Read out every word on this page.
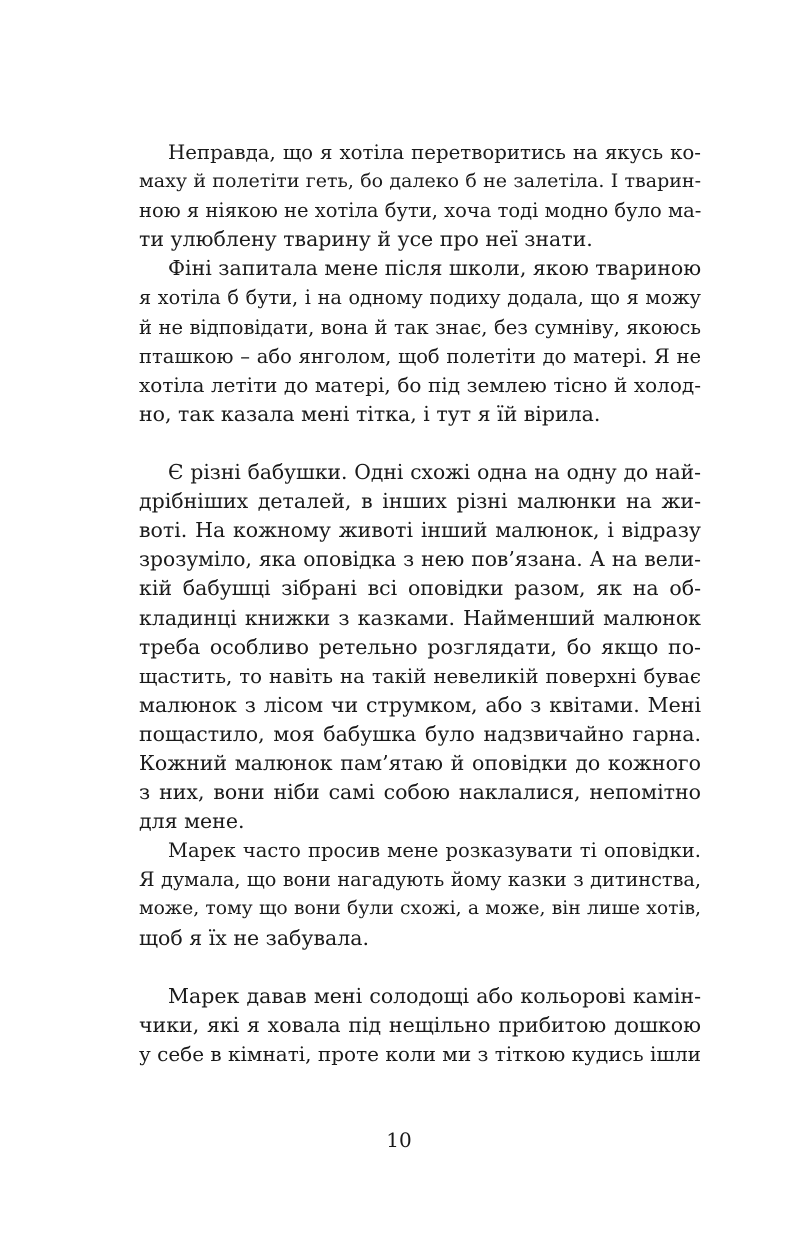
Неправда, що я хотіла перетворитись на якусь ко-
маху й полетіти геть, бо далеко б не залетіла. І тварин-
ною я ніякою не хотіла бути, хоча тоді модно було ма-
ти улюблену тварину й усе про неї знати.
Фіні запитала мене після школи, якою твариною
я хотіла б бути, і на одному подиху додала, що я можу
й не відповідати, вона й так знає, без сумніву, якоюсь
пташкою – або янголом, щоб полетіти до матері. Я не
хотіла летіти до матері, бо під землею тісно й холод-
но, так казала мені тітка, і тут я їй вірила.
Є різні бабушки. Одні схожі одна на одну до най-
дрібніших деталей, в інших різні малюнки на жи-
воті. На кожному животі інший малюнок, і відразу
зрозуміло, яка оповідка з нею пов’язана. А на вели-
кій бабушці зібрані всі оповідки разом, як на об-
кладинці книжки з казками. Найменший малюнок
треба особливо ретельно розглядати, бо якщо по-
щастить, то навіть на такій невеликій поверхні буває
малюнок з лісом чи струмком, або з квітами. Мені
пощастило, моя бабушка було надзвичайно гарна.
Кожний малюнок пам’ятаю й оповідки до кожного
з них, вони ніби самі собою наклалися, непомітно
для мене.
Марек часто просив мене розказувати ті оповідки.
Я думала, що вони нагадують йому казки з дитинства,
може, тому що вони були схожі, а може, він лише хотів,
щоб я їх не забувала.
Марек давав мені солодощі або кольорові камін-
чики, які я ховала під нещільно прибитою дошкою
у себе в кімнаті, проте коли ми з тіткою кудись ішли
10
